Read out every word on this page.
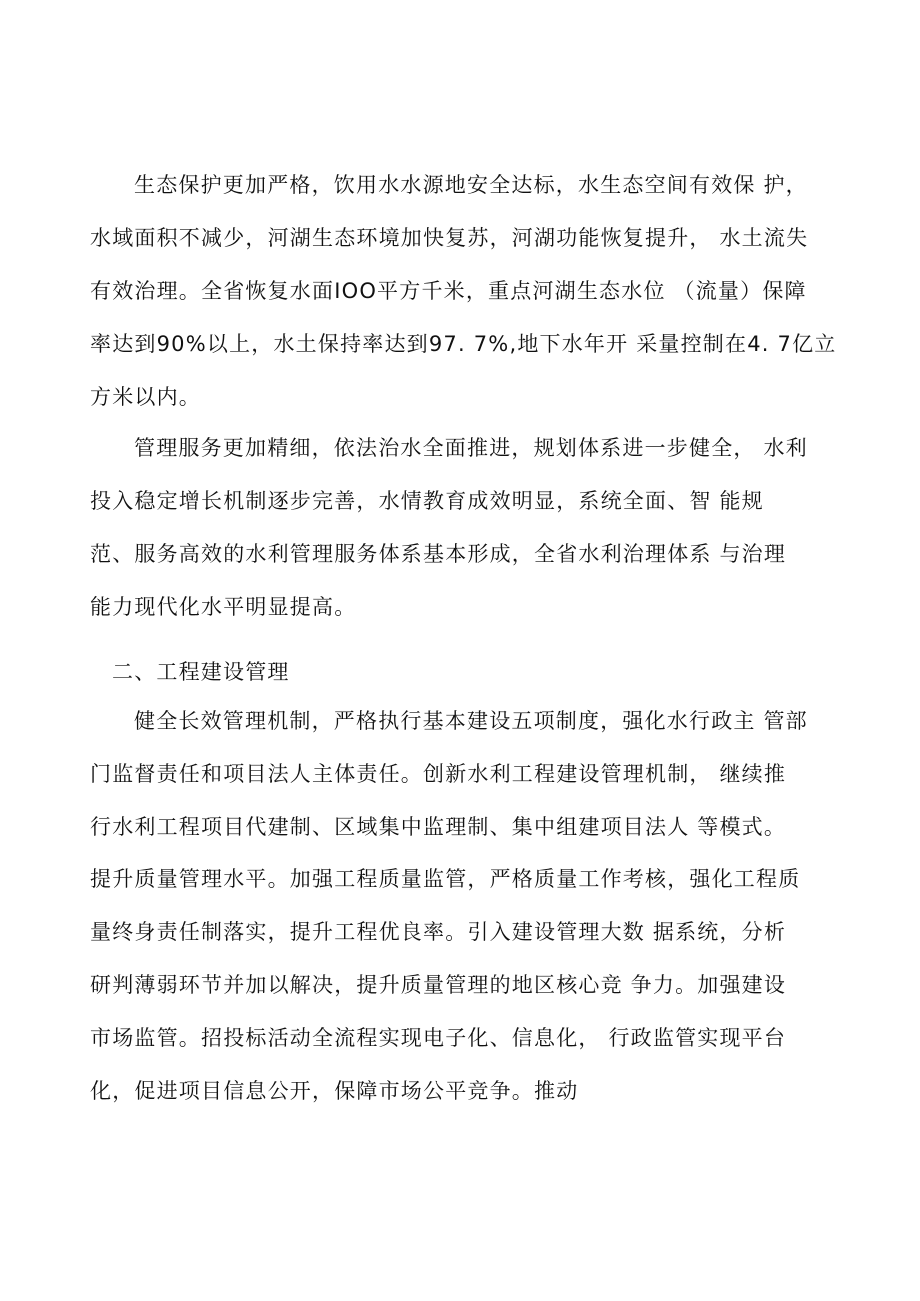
生态保护更加严格，饮用水水源地安全达标，水生态空间有效保 护，
水域面积不减少，河湖生态环境加快复苏，河湖功能恢复提升， 水土流失
有效治理。全省恢复水面IOO平方千米，重点河湖生态水位 （流量）保障
率达到90%以上，水土保持率达到97. 7%,地下水年开 采量控制在4. 7亿立
方米以内。
管理服务更加精细，依法治水全面推进，规划体系进一步健全， 水利
投入稳定增长机制逐步完善，水情教育成效明显，系统全面、智 能规
范、服务高效的水利管理服务体系基本形成，全省水利治理体系 与治理
能力现代化水平明显提高。
二、工程建设管理
健全长效管理机制，严格执行基本建设五项制度，强化水行政主 管部
门监督责任和项目法人主体责任。创新水利工程建设管理机制， 继续推
行水利工程项目代建制、区域集中监理制、集中组建项目法人 等模式。
提升质量管理水平。加强工程质量监管，严格质量工作考核，强化工程质
量终身责任制落实，提升工程优良率。引入建设管理大数 据系统，分析
研判薄弱环节并加以解决，提升质量管理的地区核心竞 争力。加强建设
市场监管。招投标活动全流程实现电子化、信息化， 行政监管实现平台
化，促进项目信息公开，保障市场公平竞争。推动
